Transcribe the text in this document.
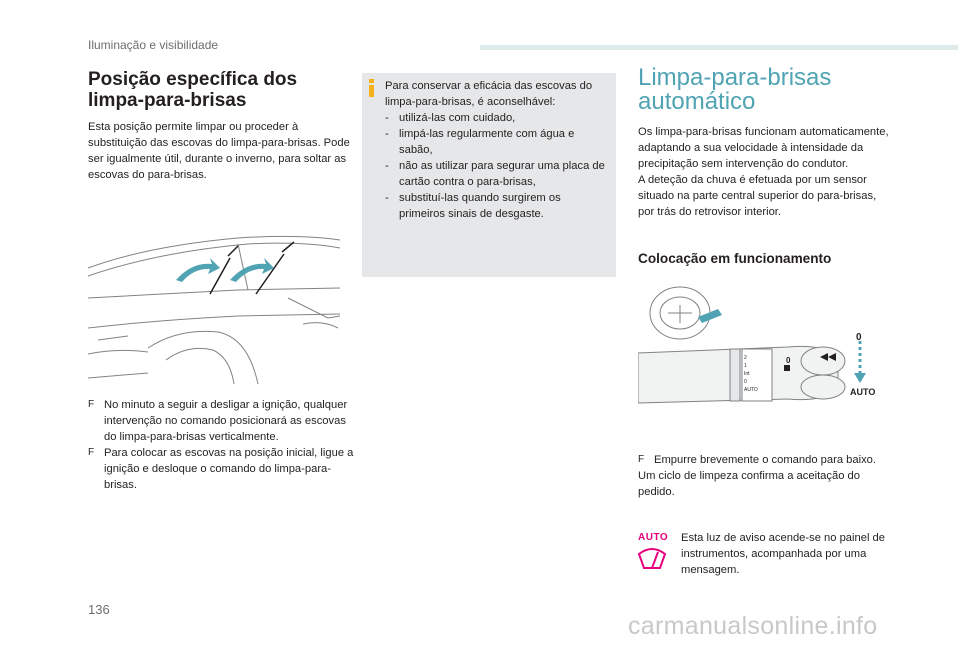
Iluminação e visibilidade
Posição específica dos limpa-para-brisas
Esta posição permite limpar ou proceder à substituição das escovas do limpa-para-brisas. Pode ser igualmente útil, durante o inverno, para soltar as escovas do para-brisas.

F No minuto a seguir a desligar a ignição, qualquer intervenção no comando posicionará as escovas do limpa-para-brisas verticalmente.

F Para colocar as escovas na posição inicial, ligue a ignição e desloque o comando do limpa-para-brisas.

Para conservar a eficácia das escovas do limpa-para-brisas, é aconselhável:

- utilizá-las com cuidado,

- limpá-las regularmente com água e sabão,

- não as utilizar para segurar uma placa de cartão contra o para-brisas,

- substituí-las quando surgirem os primeiros sinais de desgaste.

Limpa-para-brisas automático

Os limpa-para-brisas funcionam automaticamente, adaptando a sua velocidade à intensidade da precipitação sem intervenção do condutor.

A deteção da chuva é efetuada por um sensor situado na parte central superior do para-brisas, por trás do retrovisor interior.

Colocação em funcionamento
0
AUTO
0
2
1
Int
0
AUTO

F Empurre brevemente o comando para baixo.

Um ciclo de limpeza confirma a aceitação do pedido.

AUTO Esta luz de aviso acende-se no painel de instrumentos, acompanhada por uma mensagem.
136
carmanualsonline.info
